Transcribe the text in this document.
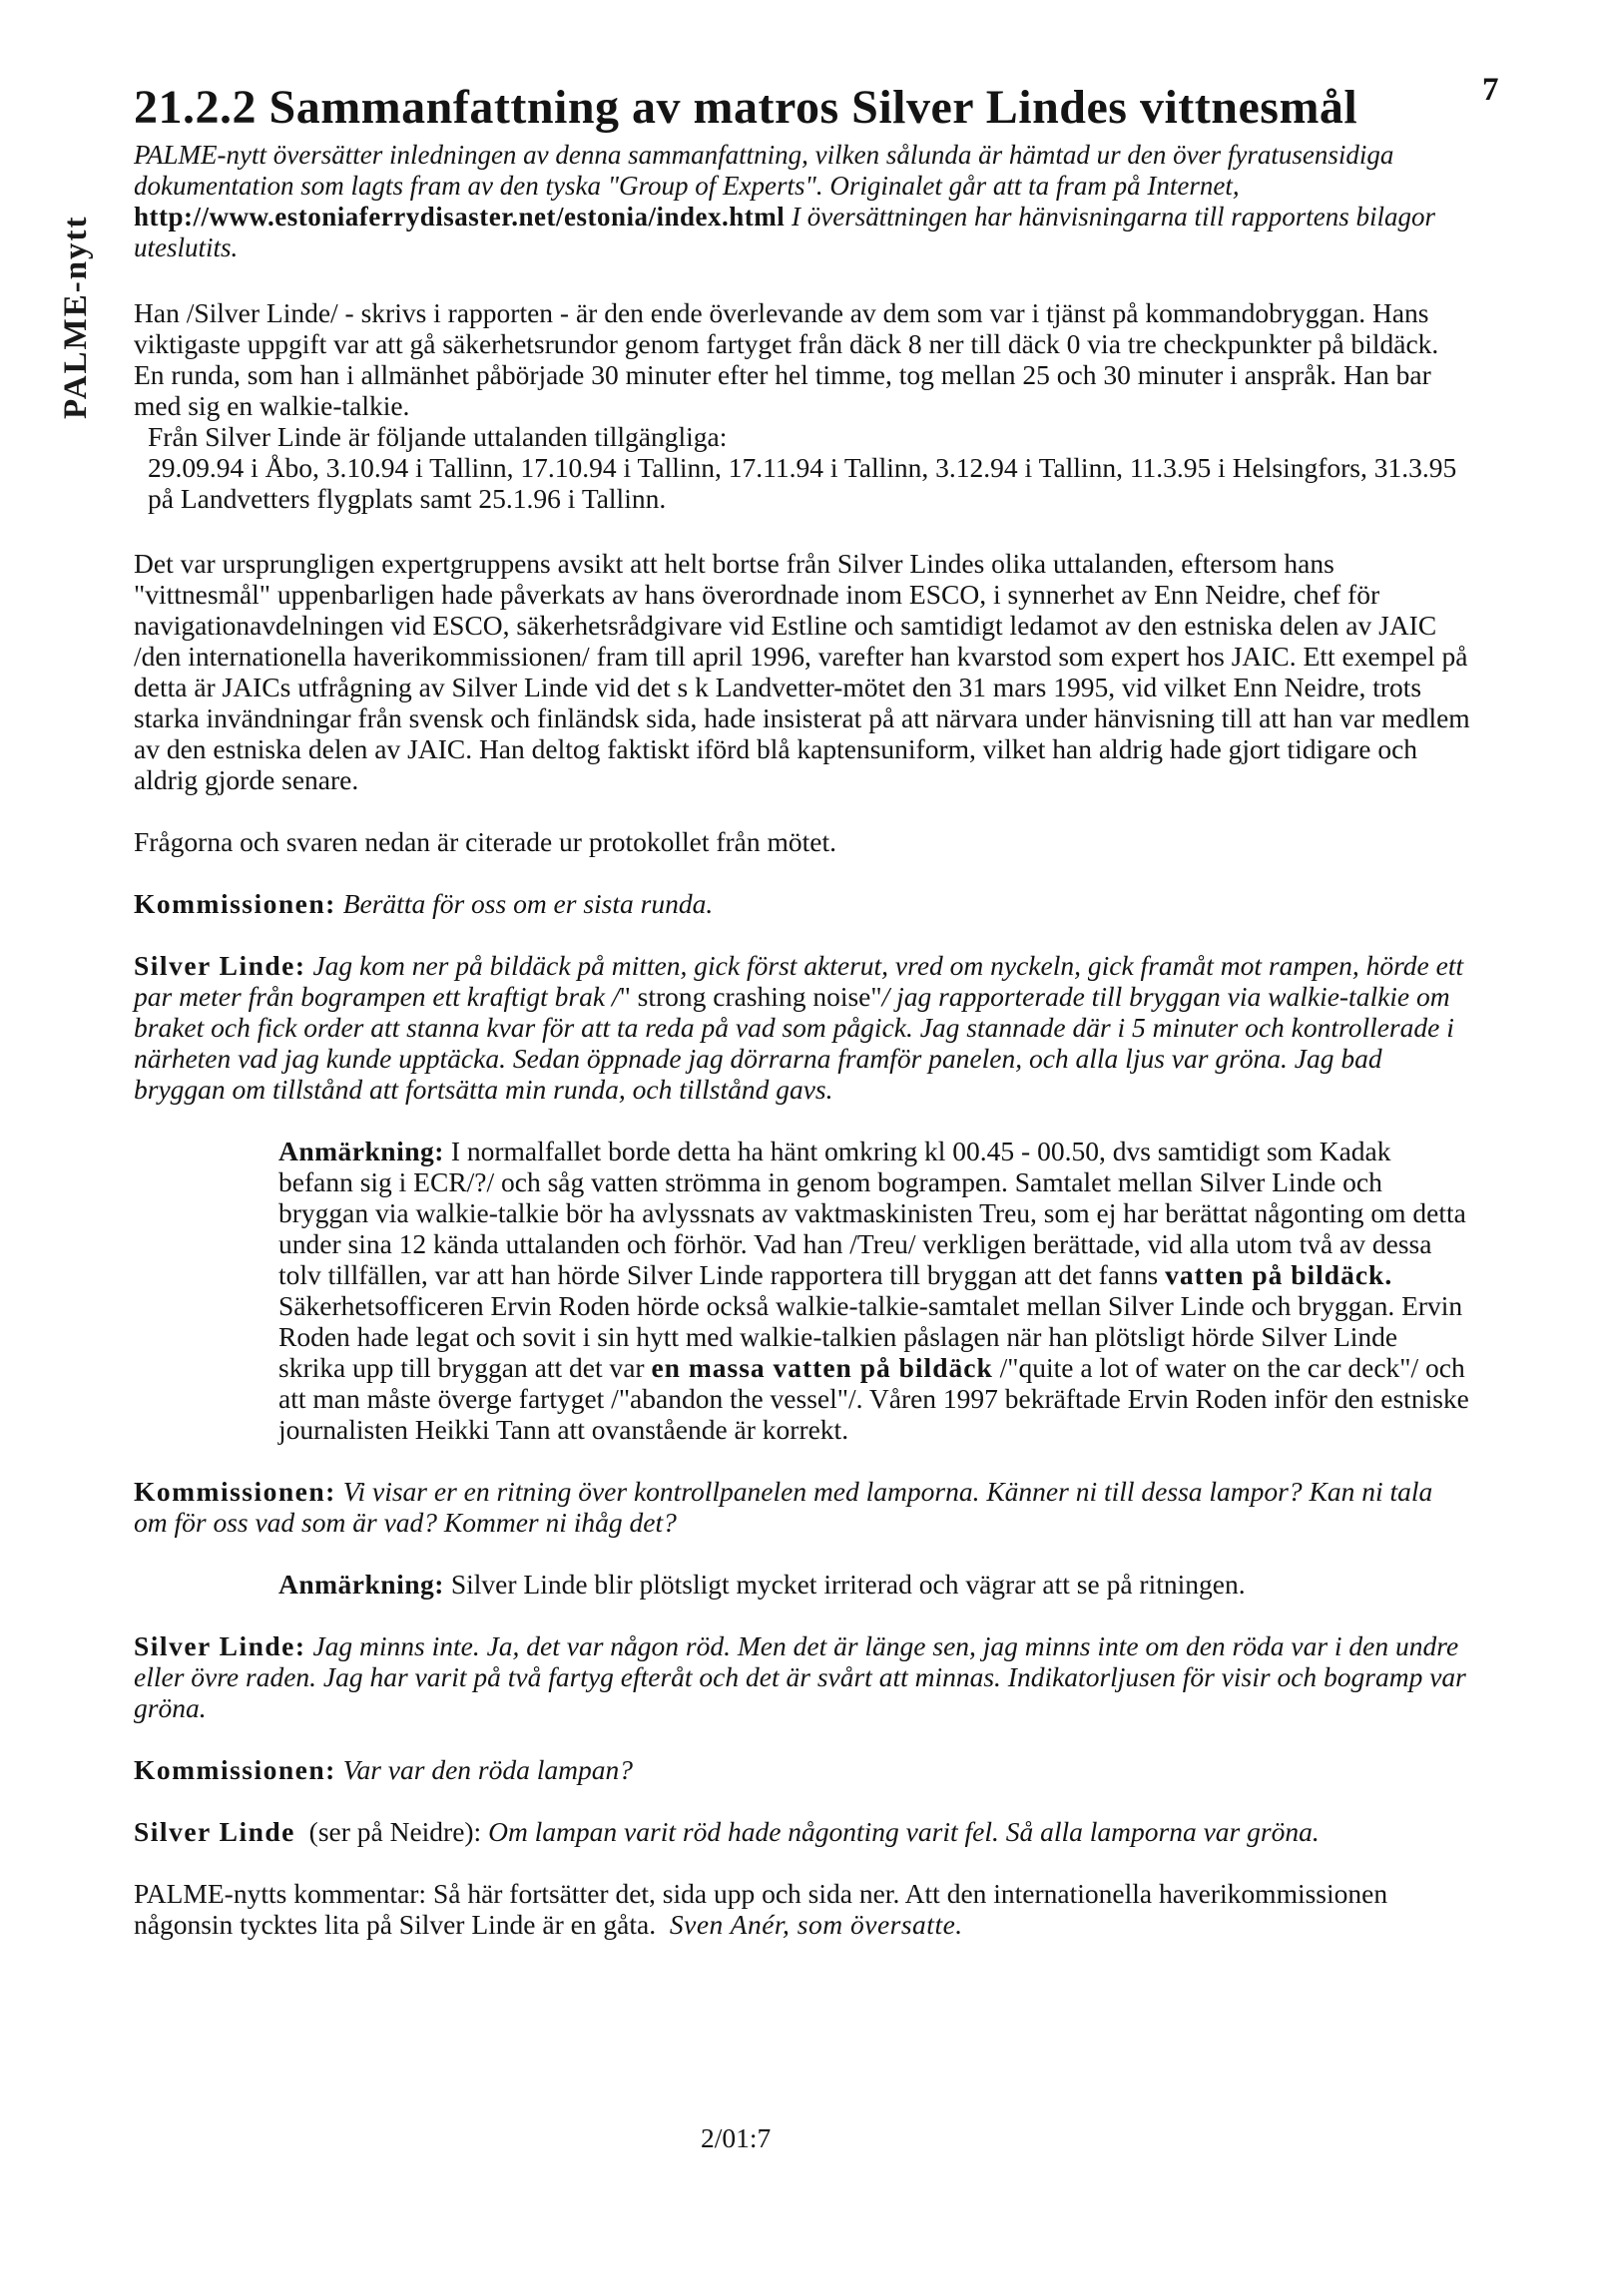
PALME-nytt
7
21.2.2 Sammanfattning av matros Silver Lindes vittnesmål

PALME-nytt översätter inledningen av denna sammanfattning, vilken sålunda är hämtad ur den över fyratusensidiga dokumentation som lagts fram av den tyska "Group of Experts". Originalet går att ta fram på Internet, http://www.estoniaferrydisaster.net/estonia/index.html I översättningen har hänvisningarna till rapportens bilagor uteslutits.

Han /Silver Linde/ - skrivs i rapporten - är den ende överlevande av dem som var i tjänst på kommandobryggan. Hans viktigaste uppgift var att gå säkerhetsrundor genom fartyget från däck 8 ner till däck 0 via tre checkpunkter på bildäck. En runda, som han i allmänhet påbörjade 30 minuter efter hel timme, tog mellan 25 och 30 minuter i anspråk. Han bar med sig en walkie-talkie.

Från Silver Linde är följande uttalanden tillgängliga:

29.09.94 i Åbo, 3.10.94 i Tallinn, 17.10.94 i Tallinn, 17.11.94 i Tallinn, 3.12.94 i Tallinn, 11.3.95 i Helsingfors, 31.3.95 på Landvetters flygplats samt 25.1.96 i Tallinn.

Det var ursprungligen expertgruppens avsikt att helt bortse från Silver Lindes olika uttalanden, eftersom hans "vittnesmål" uppenbarligen hade påverkats av hans överordnade inom ESCO, i synnerhet av Enn Neidre, chef för navigationavdelningen vid ESCO, säkerhetsrådgivare vid Estline och samtidigt ledamot av den estniska delen av JAIC /den internationella haverikommissionen/ fram till april 1996, varefter han kvarstod som expert hos JAIC. Ett exempel på detta är JAICs utfrågning av Silver Linde vid det s k Landvetter-mötet den 31 mars 1995, vid vilket Enn Neidre, trots starka invändningar från svensk och finländsk sida, hade insisterat på att närvara under hänvisning till att han var medlem av den estniska delen av JAIC. Han deltog faktiskt iförd blå kaptensuniform, vilket han aldrig hade gjort tidigare och aldrig gjorde senare.

Frågorna och svaren nedan är citerade ur protokollet från mötet.

Kommissionen: Berätta för oss om er sista runda.

Silver Linde: Jag kom ner på bildäck på mitten, gick först akterut, vred om nyckeln, gick framåt mot rampen, hörde ett par meter från bogrampen ett kraftigt brak /" strong crashing noise"/ jag rapporterade till bryggan via walkie-talkie om braket och fick order att stanna kvar för att ta reda på vad som pågick. Jag stannade där i 5 minuter och kontrollerade i närheten vad jag kunde upptäcka. Sedan öppnade jag dörrarna framför panelen, och alla ljus var gröna. Jag bad bryggan om tillstånd att fortsätta min runda, och tillstånd gavs.

Anmärkning: I normalfallet borde detta ha hänt omkring kl 00.45 - 00.50, dvs samtidigt som Kadak befann sig i ECR/?/ och såg vatten strömma in genom bogrampen. Samtalet mellan Silver Linde och bryggan via walkie-talkie bör ha avlyssnats av vaktmaskinisten Treu, som ej har berättat någonting om detta under sina 12 kända uttalanden och förhör. Vad han /Treu/ verkligen berättade, vid alla utom två av dessa tolv tillfällen, var att han hörde Silver Linde rapportera till bryggan att det fanns vatten på bildäck. Säkerhetsofficeren Ervin Roden hörde också walkie-talkie-samtalet mellan Silver Linde och bryggan. Ervin Roden hade legat och sovit i sin hytt med walkie-talkien påslagen när han plötsligt hörde Silver Linde skrika upp till bryggan att det var en massa vatten på bildäck /"quite a lot of water on the car deck"/ och att man måste överge fartyget /"abandon the vessel"/. Våren 1997 bekräftade Ervin Roden inför den estniske journalisten Heikki Tann att ovanstående är korrekt.

Kommissionen: Vi visar er en ritning över kontrollpanelen med lamporna. Känner ni till dessa lampor? Kan ni tala om för oss vad som är vad? Kommer ni ihåg det?

Anmärkning: Silver Linde blir plötsligt mycket irriterad och vägrar att se på ritningen.

Silver Linde: Jag minns inte. Ja, det var någon röd. Men det är länge sen, jag minns inte om den röda var i den undre eller övre raden. Jag har varit på två fartyg efteråt och det är svårt att minnas. Indikatorljusen för visir och bogramp var gröna.

Kommissionen: Var var den röda lampan?

Silver Linde (ser på Neidre): Om lampan varit röd hade någonting varit fel. Så alla lamporna var gröna.

PALME-nytts kommentar: Så här fortsätter det, sida upp och sida ner. Att den internationella haverikommissionen någonsin tycktes lita på Silver Linde är en gåta. Sven Anér, som översatte.

2/01:7
